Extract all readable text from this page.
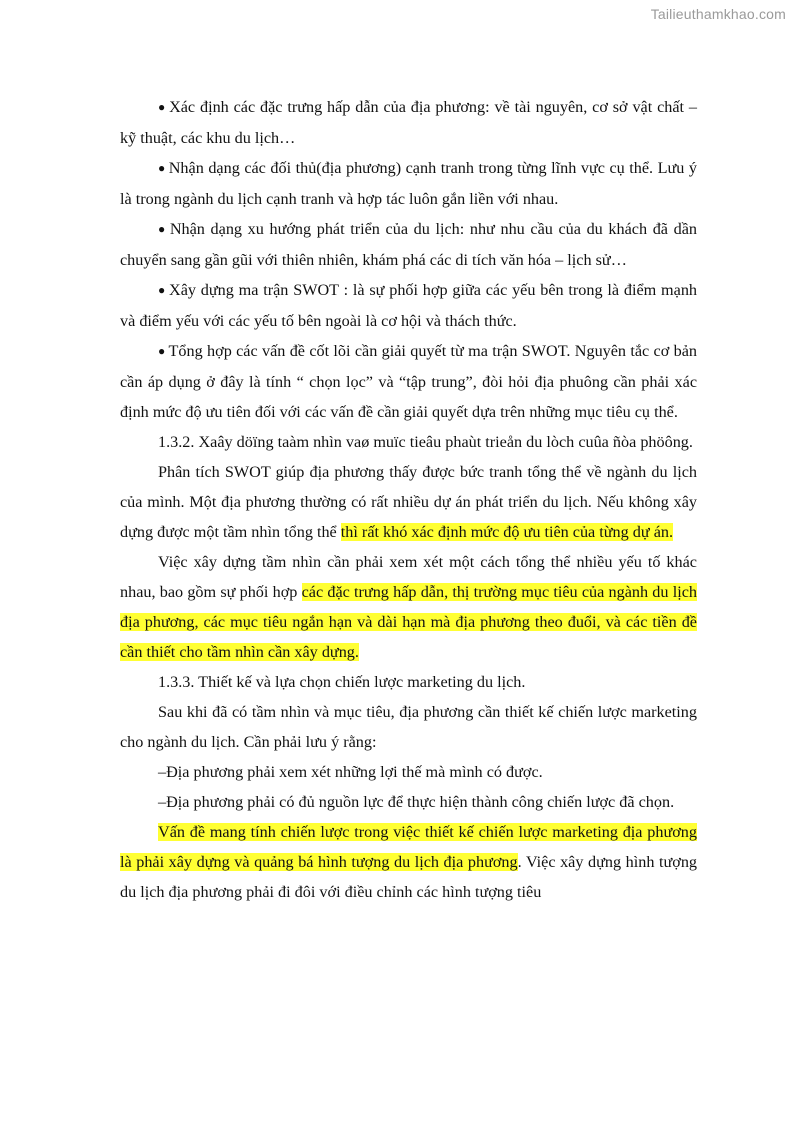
Tailieuthamkhao.com

● Xác định các đặc trưng hấp dẫn của địa phương: về tài nguyên, cơ sở vật chất – kỹ thuật, các khu du lịch…

● Nhận dạng các đối thủ(địa phương) cạnh tranh trong từng lĩnh vực cụ thể. Lưu ý là trong ngành du lịch cạnh tranh và hợp tác luôn gắn liền với nhau.

● Nhận dạng xu hướng phát triển của du lịch: như nhu cầu của du khách đã dần chuyển sang gần gũi với thiên nhiên, khám phá các di tích văn hóa – lịch sử…

● Xây dựng ma trận SWOT : là sự phối hợp giữa các yếu bên trong là điểm mạnh và điểm yếu với các yếu tố bên ngoài là cơ hội và thách thức.

● Tổng hợp các vấn đề cốt lõi cần giải quyết từ ma trận SWOT. Nguyên tắc cơ bản cần áp dụng ở đây là tính “ chọn lọc” và “tập trung”, đòi hỏi địa phuông cần phải xác định mức độ ưu tiên đối với các vấn đề cần giải quyết dựa trên những mục tiêu cụ thể.

1.3.2. Xaây döïng taàm nhìn vaø muïc tieâu phaùt trieån du lòch cuûa ñòa phöông.

Phân tích SWOT giúp địa phương thấy được bức tranh tổng thể về ngành du lịch của mình. Một địa phương thường có rất nhiều dự án phát triển du lịch. Nếu không xây dựng được một tầm nhìn tổng thể thì rất khó xác định mức độ ưu tiên của từng dự án.

Việc xây dựng tầm nhìn cần phải xem xét một cách tổng thể nhiều yếu tố khác nhau, bao gồm sự phối hợp các đặc trưng hấp dẫn, thị trường mục tiêu của ngành du lịch địa phương, các mục tiêu ngắn hạn và dài hạn mà địa phương theo đuổi, và các tiền đề cần thiết cho tầm nhìn cần xây dựng.

1.3.3. Thiết kế và lựa chọn chiến lược marketing du lịch.

Sau khi đã có tầm nhìn và mục tiêu, địa phương cần thiết kế chiến lược marketing cho ngành du lịch. Cần phải lưu ý rằng:

–Địa phương phải xem xét những lợi thế mà mình có được.

–Địa phương phải có đủ nguồn lực để thực hiện thành công chiến lược đã chọn.

Vấn đề mang tính chiến lược trong việc thiết kế chiến lược marketing địa phương là phải xây dựng và quảng bá hình tượng du lịch địa phương. Việc xây dựng hình tượng du lịch địa phương phải đi đôi với điều chỉnh các hình tượng tiêu
